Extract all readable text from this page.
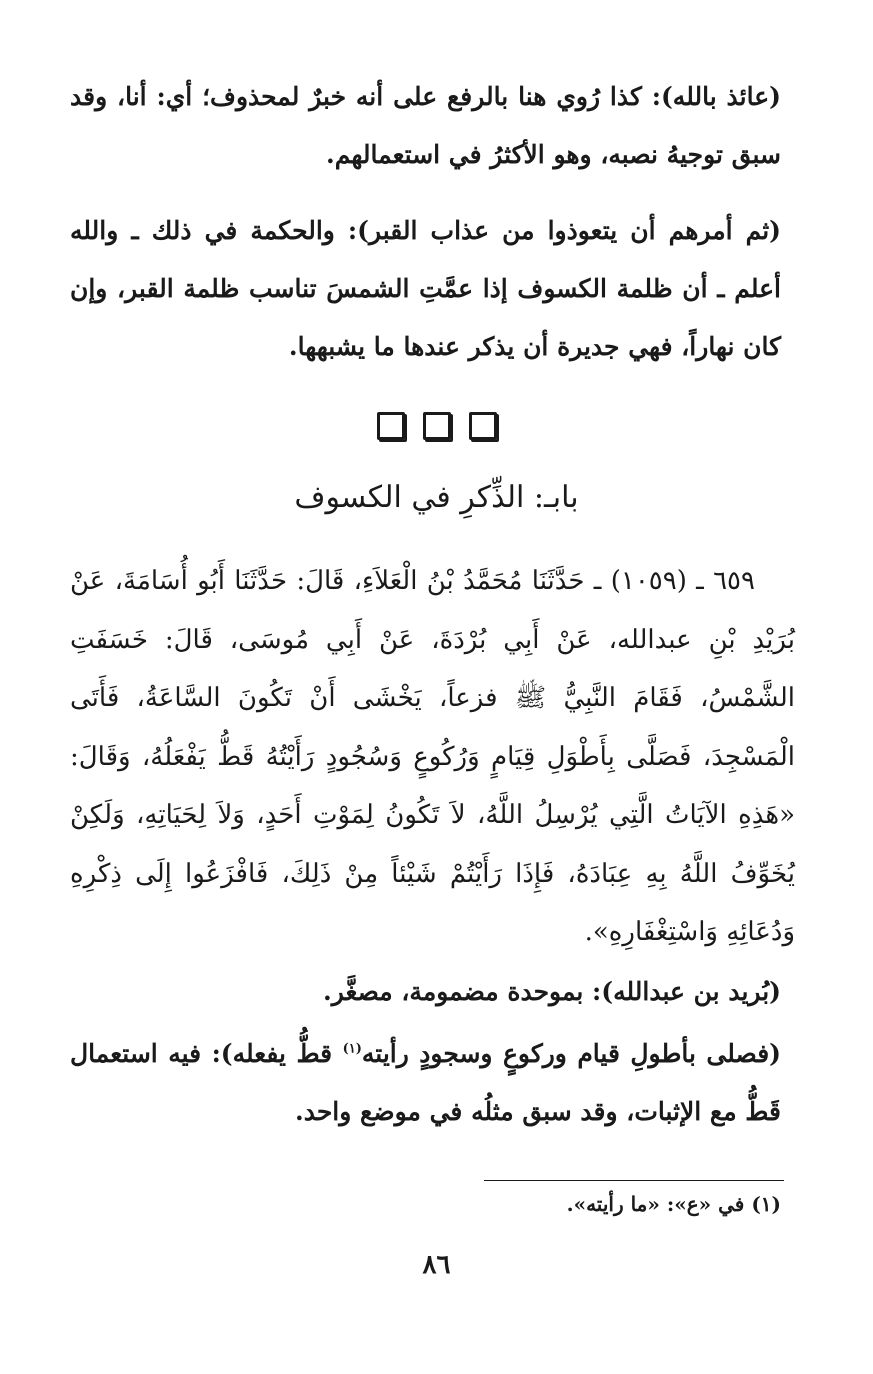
(عائذ بالله): كذا رُوي هنا بالرفع على أنه خبرٌ لمحذوف؛ أي: أنا، وقد سبق توجيهُ نصبه، وهو الأكثرُ في استعمالهم.

(ثم أمرهم أن يتعوذوا من عذاب القبر): والحكمة في ذلك ـ والله أعلم ـ أن ظلمة الكسوف إذا عمَّتِ الشمسَ تناسب ظلمة القبر، وإن كان نهاراً، فهي جديرة أن يذكر عندها ما يشبهها.

بابـ: الذِّكرِ في الكسوف

٦٥٩ ـ (١٠٥٩) ـ حَدَّثَنَا مُحَمَّدُ بْنُ الْعَلاَءِ، قَالَ: حَدَّثَنَا أَبُو أُسَامَةَ، عَنْ بُرَيْدِ بْنِ عبدالله، عَنْ أَبِي بُرْدَةَ، عَنْ أَبِي مُوسَى، قَالَ: خَسَفَتِ الشَّمْسُ، فَقَامَ النَّبِيُّ ﷺ فزعاً، يَخْشَى أَنْ تَكُونَ السَّاعَةُ، فَأَتَى الْمَسْجِدَ، فَصَلَّى بِأَطْوَلِ قِيَامٍ وَرُكُوعٍ وَسُجُودٍ رَأَيْتُهُ قَطُّ يَفْعَلُهُ، وَقَالَ: «هَذِهِ الآيَاتُ الَّتِي يُرْسِلُ اللَّهُ، لاَ تَكُونُ لِمَوْتِ أَحَدٍ، وَلاَ لِحَيَاتِهِ، وَلَكِنْ يُخَوِّفُ اللَّهُ بِهِ عِبَادَهُ، فَإِذَا رَأَيْتُمْ شَيْئاً مِنْ ذَلِكَ، فَافْزَعُوا إِلَى ذِكْرِهِ وَدُعَائِهِ وَاسْتِغْفَارِهِ».

(بُريد بن عبدالله): بموحدة مضمومة، مصغَّر.

(فصلى بأطولِ قيام وركوعٍ وسجودٍ رأيته$^{(١)}$ قطُّ يفعله): فيه استعمال قَطُّ مع الإثبات، وقد سبق مثلُه في موضع واحد.

(١) في «ع»: «ما رأيته».

٨٦
